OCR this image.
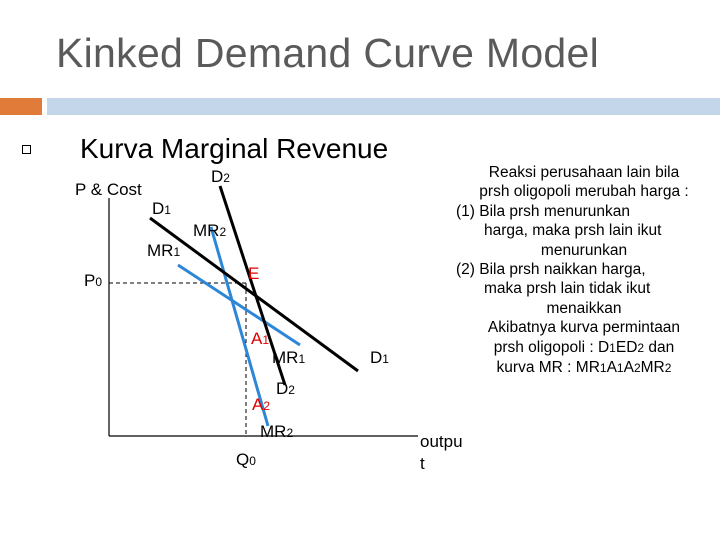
Kinked Demand Curve Model
Kurva Marginal Revenue
P & Cost
D2
D1
MR2
MR1
P0	E
A1
MR1	D1
D2
A2
MR2
Q0
outpu
t
Reaksi perusahaan lain bila
prsh oligopoli merubah harga :
(1) Bila prsh menurunkan
harga, maka prsh lain ikut
menurunkan
(2) Bila prsh naikkan harga,
maka prsh lain tidak ikut
menaikkan
Akibatnya kurva permintaan
prsh oligopoli : D1ED2 dan
kurva MR : MR1A1A2MR2
